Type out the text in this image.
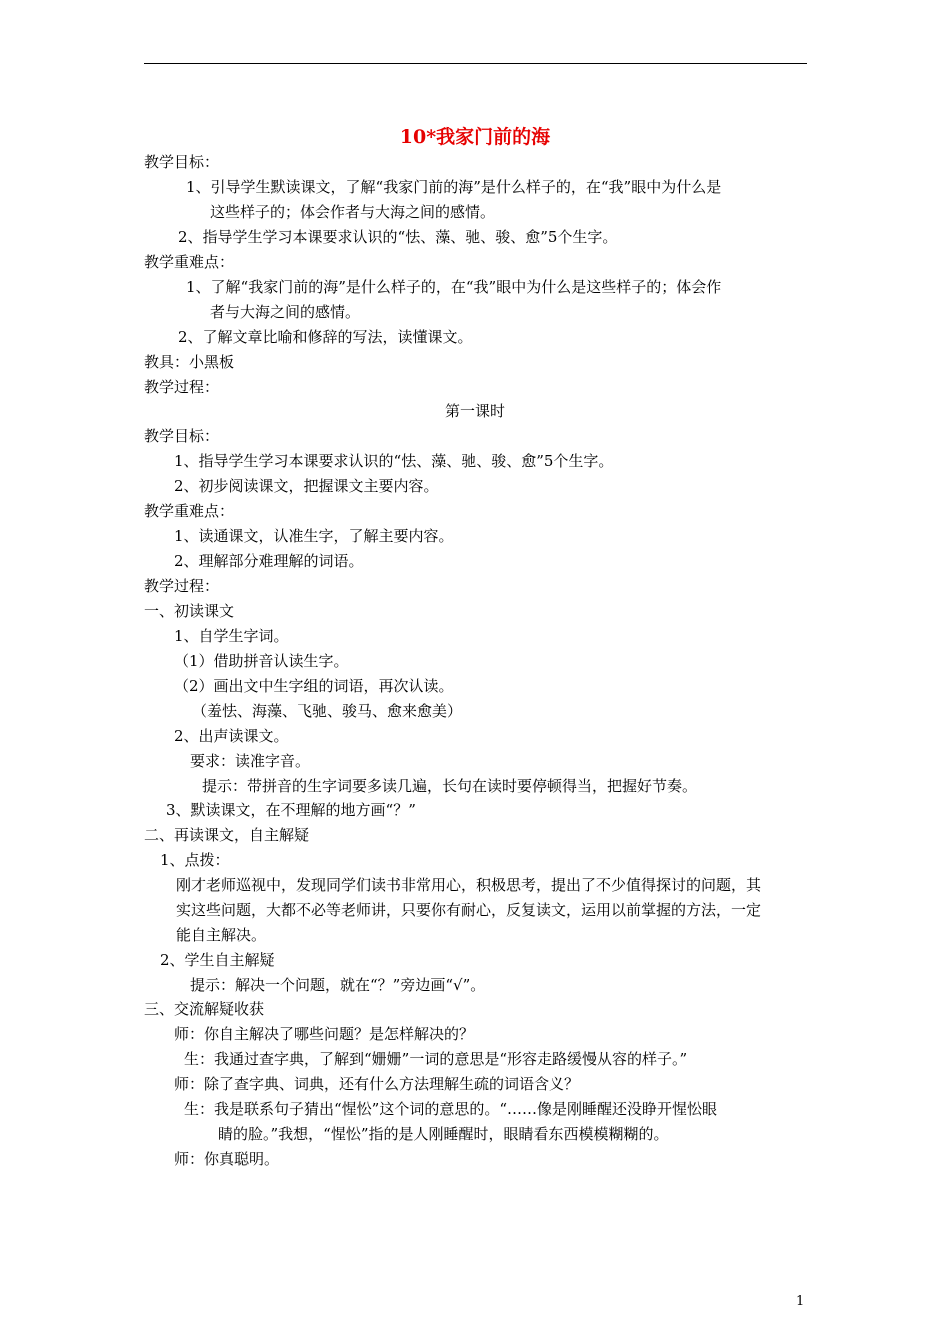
10*我家门前的海
教学目标：
1、引导学生默读课文，了解“我家门前的海”是什么样子的，在“我”眼中为什么是
这些样子的；体会作者与大海之间的感情。
2、指导学生学习本课要求认识的“怯、藻、驰、骏、愈”5个生字。
教学重难点：
1、了解“我家门前的海”是什么样子的，在“我”眼中为什么是这些样子的；体会作
者与大海之间的感情。
2、了解文章比喻和修辞的写法，读懂课文。
教具：小黑板
教学过程：
第一课时
教学目标：
1、指导学生学习本课要求认识的“怯、藻、驰、骏、愈”5个生字。
2、初步阅读课文，把握课文主要内容。
教学重难点：
1、读通课文，认准生字，了解主要内容。
2、理解部分难理解的词语。
教学过程：
一、初读课文
1、自学生字词。
（1）借助拼音认读生字。
（2）画出文中生字组的词语，再次认读。
（羞怯、海藻、飞驰、骏马、愈来愈美）
2、出声读课文。
要求：读准字音。
提示：带拼音的生字词要多读几遍，长句在读时要停顿得当，把握好节奏。
3、默读课文，在不理解的地方画“？”
二、再读课文，自主解疑
1、点拨：
刚才老师巡视中，发现同学们读书非常用心，积极思考，提出了不少值得探讨的问题，其
实这些问题，大都不必等老师讲，只要你有耐心，反复读文，运用以前掌握的方法，一定
能自主解决。
2、学生自主解疑
提示：解决一个问题，就在“？”旁边画“√”。
三、交流解疑收获
师：你自主解决了哪些问题？是怎样解决的？
生：我通过查字典，了解到“姗姗”一词的意思是“形容走路缓慢从容的样子。”
师：除了查字典、词典，还有什么方法理解生疏的词语含义？
生：我是联系句子猜出“惺忪”这个词的意思的。“……像是刚睡醒还没睁开惺忪眼
睛的脸。”我想，“惺忪”指的是人刚睡醒时，眼睛看东西模模糊糊的。
师：你真聪明。
1
